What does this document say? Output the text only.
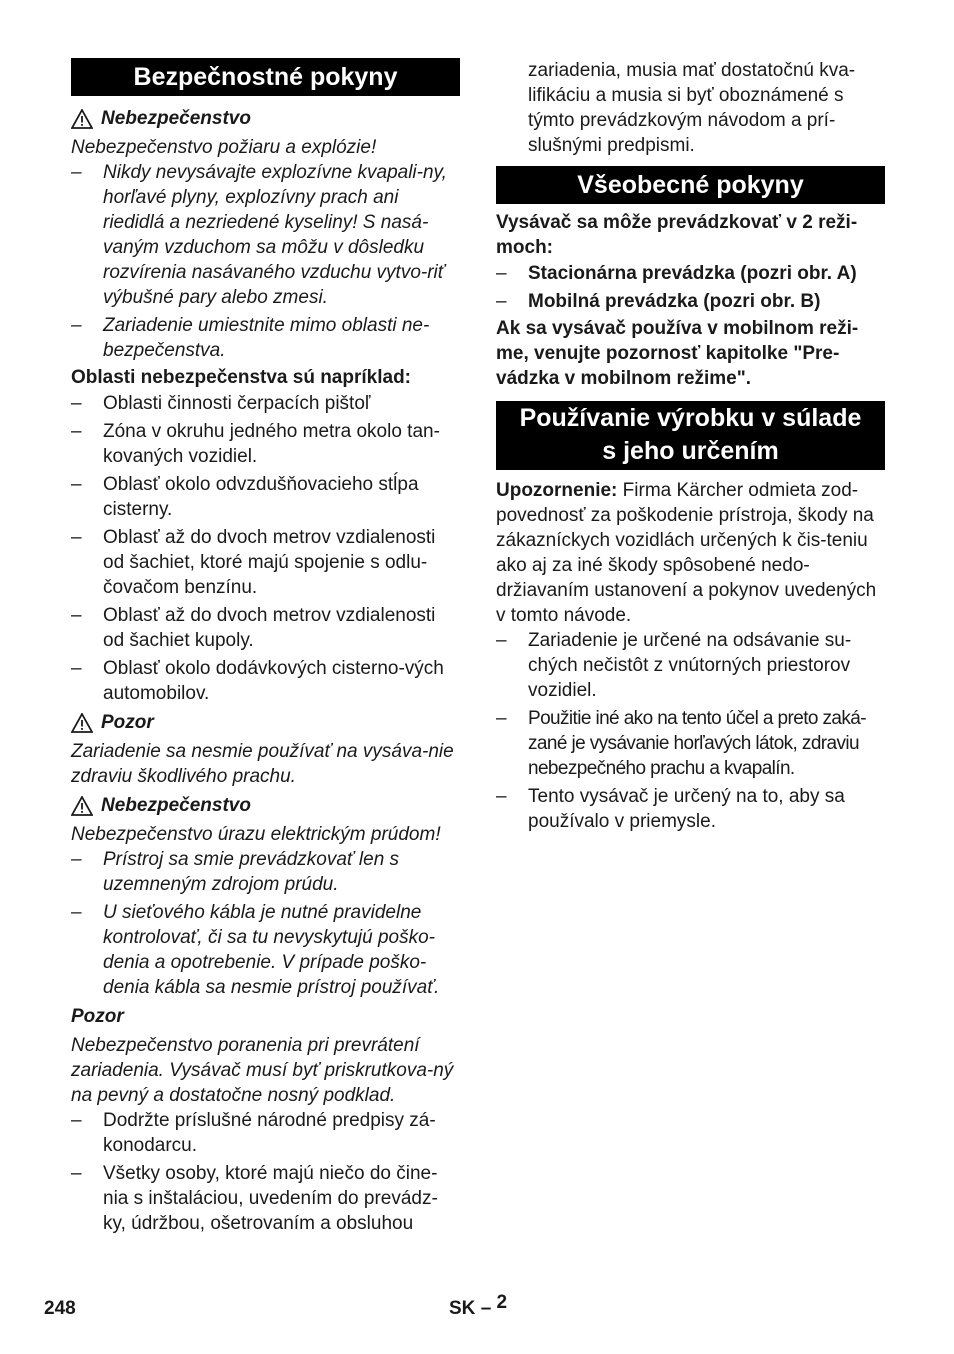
Bezpečnostné pokyny

Nebezpečenstvo

Nebezpečenstvo požiaru a explózie!

– Nikdy nevysávajte explozívne kvapali-ny, horľavé plyny, explozívny prach ani riedidlá a nezriedené kyseliny! S nasá-vaným vzduchom sa môžu v dôsledku rozvírenia nasávaného vzduchu vytvo-riť výbušné pary alebo zmesi.

– Zariadenie umiestnite mimo oblasti ne-bezpečenstva.

Oblasti nebezpečenstva sú napríklad:

– Oblasti činnosti čerpacích pištoľ

– Zóna v okruhu jedného metra okolo tan-kovaných vozidiel.

– Oblasť okolo odvzdušňovacieho stĺpa cisterny.

– Oblasť až do dvoch metrov vzdialenosti od šachiet, ktoré majú spojenie s odlu-čovačom benzínu.

– Oblasť až do dvoch metrov vzdialenosti od šachiet kupoly.

– Oblasť okolo dodávkových cisterno-vých automobilov.

Pozor

Zariadenie sa nesmie používať na vysáva-nie zdraviu škodlivého prachu.

Nebezpečenstvo

Nebezpečenstvo úrazu elektrickým prúdom!

– Prístroj sa smie prevádzkovať len s uzemneným zdrojom prúdu.

– U sieťového kábla je nutné pravidelne kontrolovať, či sa tu nevyskytujú poško-denia a opotrebenie. V prípade poško-denia kábla sa nesmie prístroj používať.

Pozor

Nebezpečenstvo poranenia pri prevrátení zariadenia. Vysávač musí byť priskrutkova-ný na pevný a dostatočne nosný podklad.

– Dodržte príslušné národné predpisy zá-konodarcu.

– Všetky osoby, ktoré majú niečo do čine-nia s inštaláciou, uvedením do prevádz-ky, údržbou, ošetrovaním a obsluhou

zariadenia, musia mať dostatočnú kva-lifikáciu a musia si byť oboznámené s týmto prevádzkovým návodom a prí-slušnými predpismi.

Všeobecné pokyny

Vysávač sa môže prevádzkovať v 2 reži-moch:

– Stacionárna prevádzka (pozri obr. A)

– Mobilná prevádzka (pozri obr. B)

Ak sa vysávač používa v mobilnom reži-me, venujte pozornosť kapitolke "Pre-vádzka v mobilnom režime".

Používanie výrobku v súlade
s jeho určením

Upozornenie: Firma Kärcher odmieta zod-povednosť za poškodenie prístroja, škody na zákazníckych vozidlách určených k čis-teniu ako aj za iné škody spôsobené nedo-držiavaním ustanovení a pokynov uvedených v tomto návode.

– Zariadenie je určené na odsávanie su-chých nečistôt z vnútorných priestorov vozidiel.

– Použitie iné ako na tento účel a preto zaká-zané je vysávanie horľavých látok, zdraviu nebezpečného prachu a kvapalín.

– Tento vysávač je určený na to, aby sa používalo v priemysle.

248	SK – 2
